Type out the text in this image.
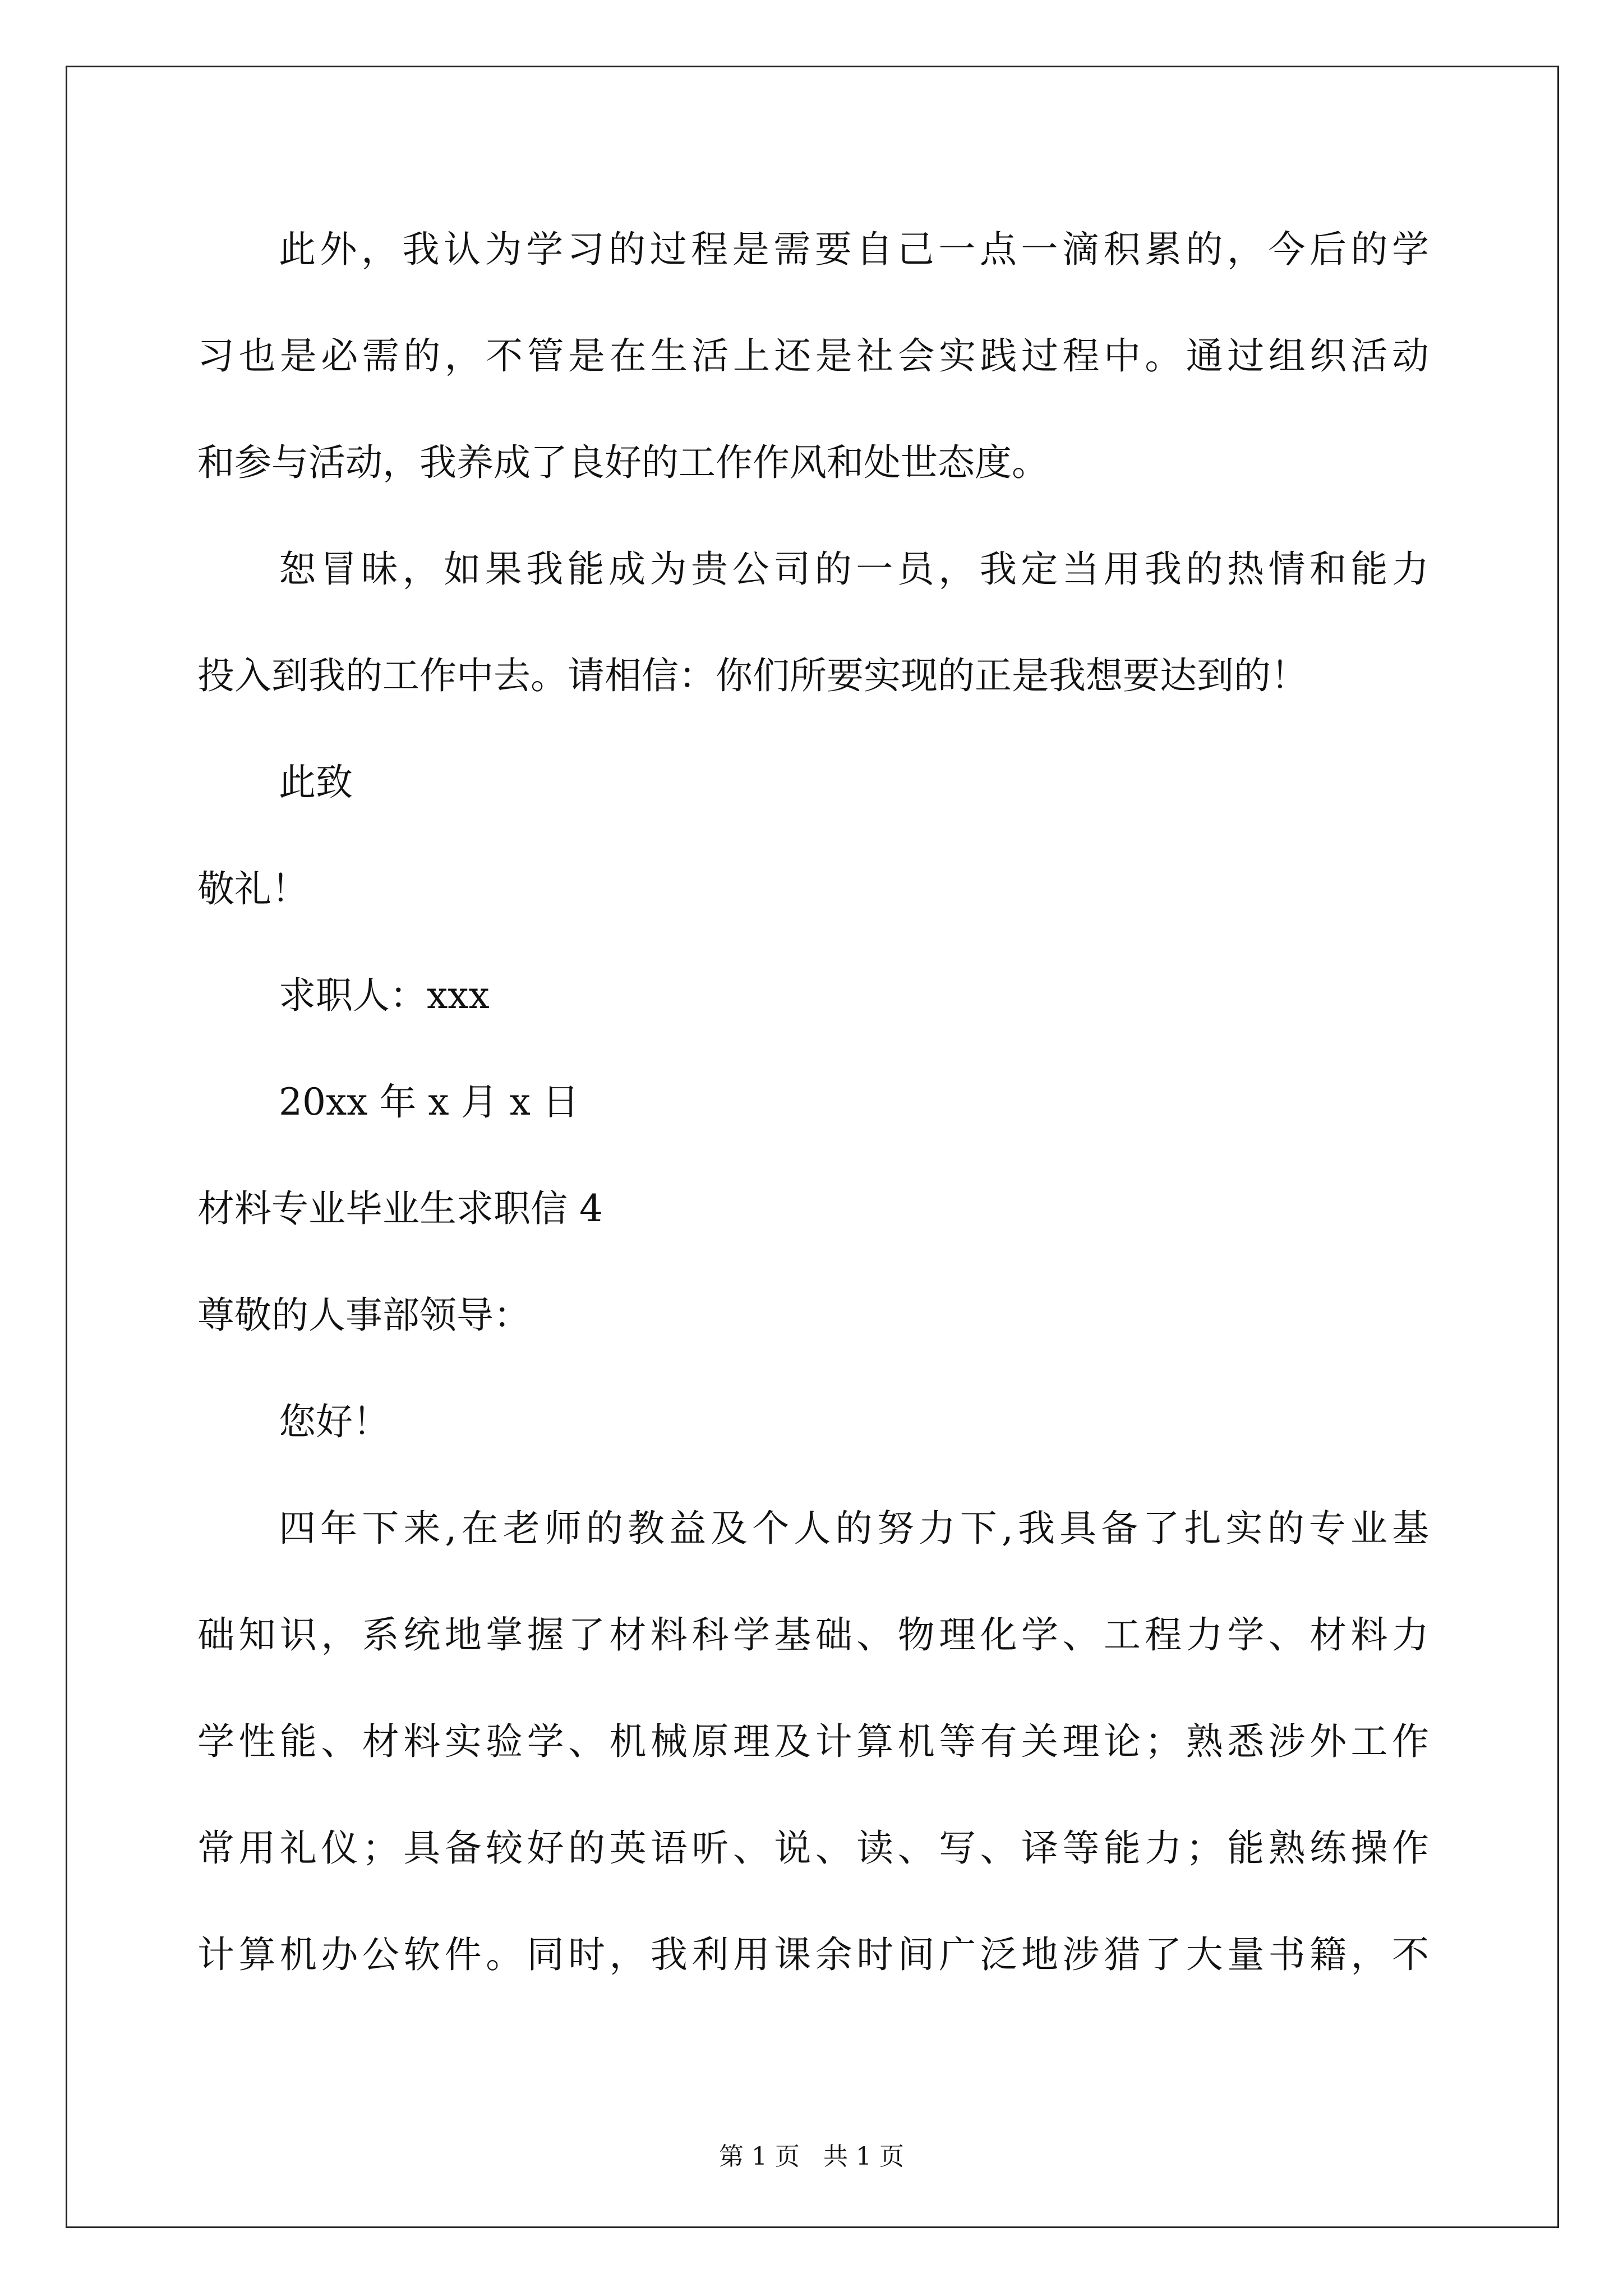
此外，我认为学习的过程是需要自己一点一滴积累的，今后的学
习也是必需的，不管是在生活上还是社会实践过程中。通过组织活动
和参与活动，我养成了良好的工作作风和处世态度。
恕冒昧，如果我能成为贵公司的一员，我定当用我的热情和能力
投入到我的工作中去。请相信：你们所要实现的正是我想要达到的！
此致
敬礼！
求职人：xxx
20xx 年 x 月 x 日
材料专业毕业生求职信 4
尊敬的人事部领导：
您好！
四年下来,在老师的教益及个人的努力下,我具备了扎实的专业基
础知识，系统地掌握了材料科学基础、物理化学、工程力学、材料力
学性能、材料实验学、机械原理及计算机等有关理论；熟悉涉外工作
常用礼仪；具备较好的英语听、说、读、写、译等能力；能熟练操作
计算机办公软件。同时，我利用课余时间广泛地涉猎了大量书籍，不
第 1 页   共 1 页
